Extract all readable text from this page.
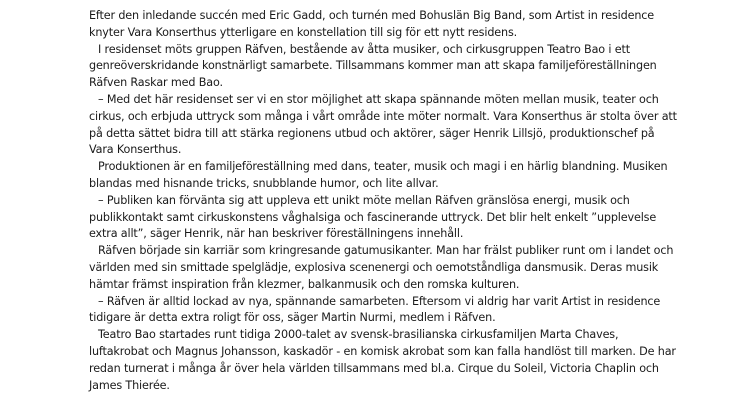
Efter den inledande succén med Eric Gadd, och turnén med Bohuslän Big Band, som Artist in residence knyter Vara Konserthus ytterligare en konstellation till sig för ett nytt residens.

I residenset möts gruppen Räfven, bestående av åtta musiker, och cirkusgruppen Teatro Bao i ett genreöverskridande konstnärligt samarbete. Tillsammans kommer man att skapa familjeföreställningen Räfven Raskar med Bao.

– Med det här residenset ser vi en stor möjlighet att skapa spännande möten mellan musik, teater och cirkus, och erbjuda uttryck som många i vårt område inte möter normalt. Vara Konserthus är stolta över att på detta sättet bidra till att stärka regionens utbud och aktörer, säger Henrik Lillsjö, produktionschef på Vara Konserthus.

Produktionen är en familjeföreställning med dans, teater, musik och magi i en härlig blandning. Musiken blandas med hisnande tricks, snubblande humor, och lite allvar.

– Publiken kan förvänta sig att uppleva ett unikt möte mellan Räfven gränslösa energi, musik och publikkontakt samt cirkuskonstens våghalsiga och fascinerande uttryck. Det blir helt enkelt ”upplevelse extra allt”, säger Henrik, när han beskriver föreställningens innehåll.

Räfven började sin karriär som kringresande gatumusikanter. Man har frälst publiker runt om i landet och världen med sin smittade spelglädje, explosiva scenenergi och oemotståndliga dansmusik. Deras musik hämtar främst inspiration från klezmer, balkanmusik och den romska kulturen.

– Räfven är alltid lockad av nya, spännande samarbeten. Eftersom vi aldrig har varit Artist in residence tidigare är detta extra roligt för oss, säger Martin Nurmi, medlem i Räfven.

Teatro Bao startades runt tidiga 2000-talet av svensk-brasilianska cirkusfamiljen Marta Chaves, luftakrobat och Magnus Johansson, kaskadör - en komisk akrobat som kan falla handlöst till marken. De har redan turnerat i många år över hela världen tillsammans med bl.a. Cirque du Soleil, Victoria Chaplin och James Thierée.
